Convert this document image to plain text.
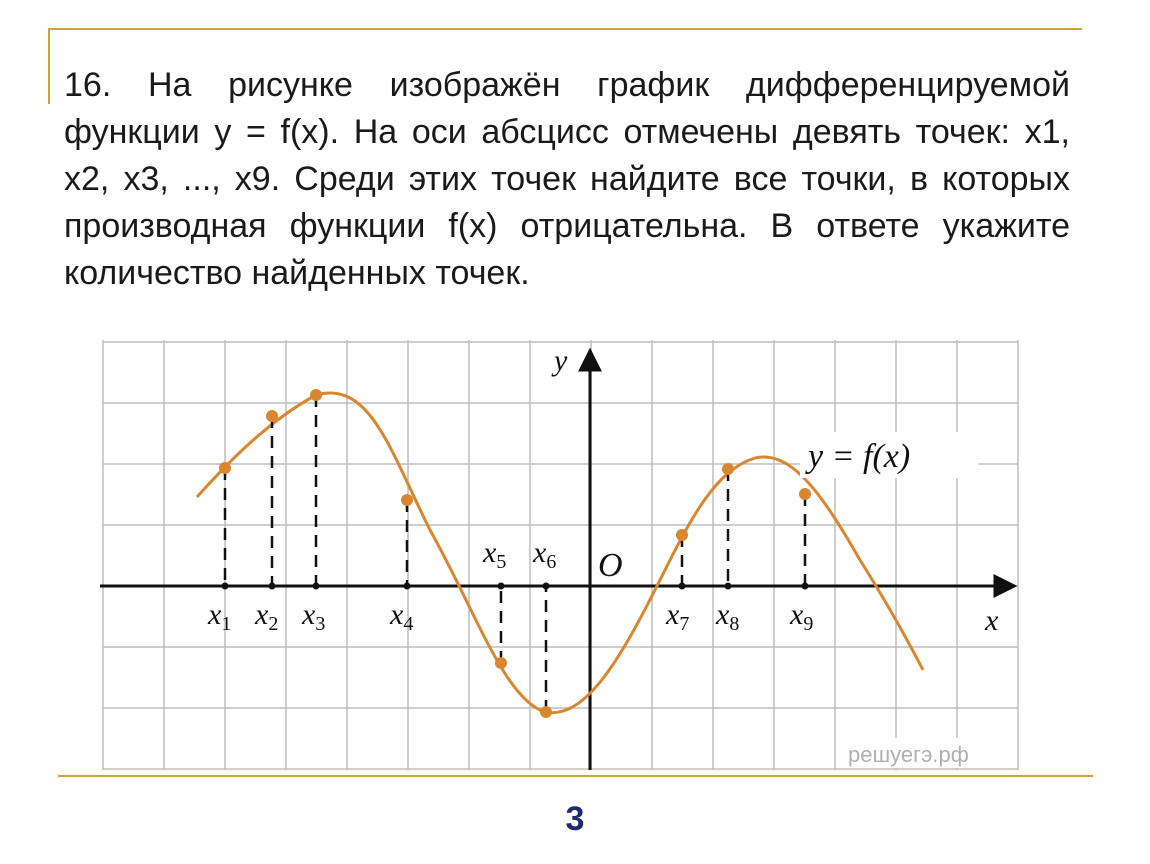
16. На рисунке изображён график дифференцируемой функции y = f(x). На оси абсцисс отмечены девять точек: x1, x2, x3, ..., x9. Среди этих точек найдите все точки, в которых производная функции f(x) отрицательна. В ответе укажите количество найденных точек.

$x_1$ $x_2$ $x_3$ $x_4$
$x_5$ $x_6$
$x_7$ $x_8$ $x_9$
y
x
O
y = f(x)
решуегэ.рф
3
